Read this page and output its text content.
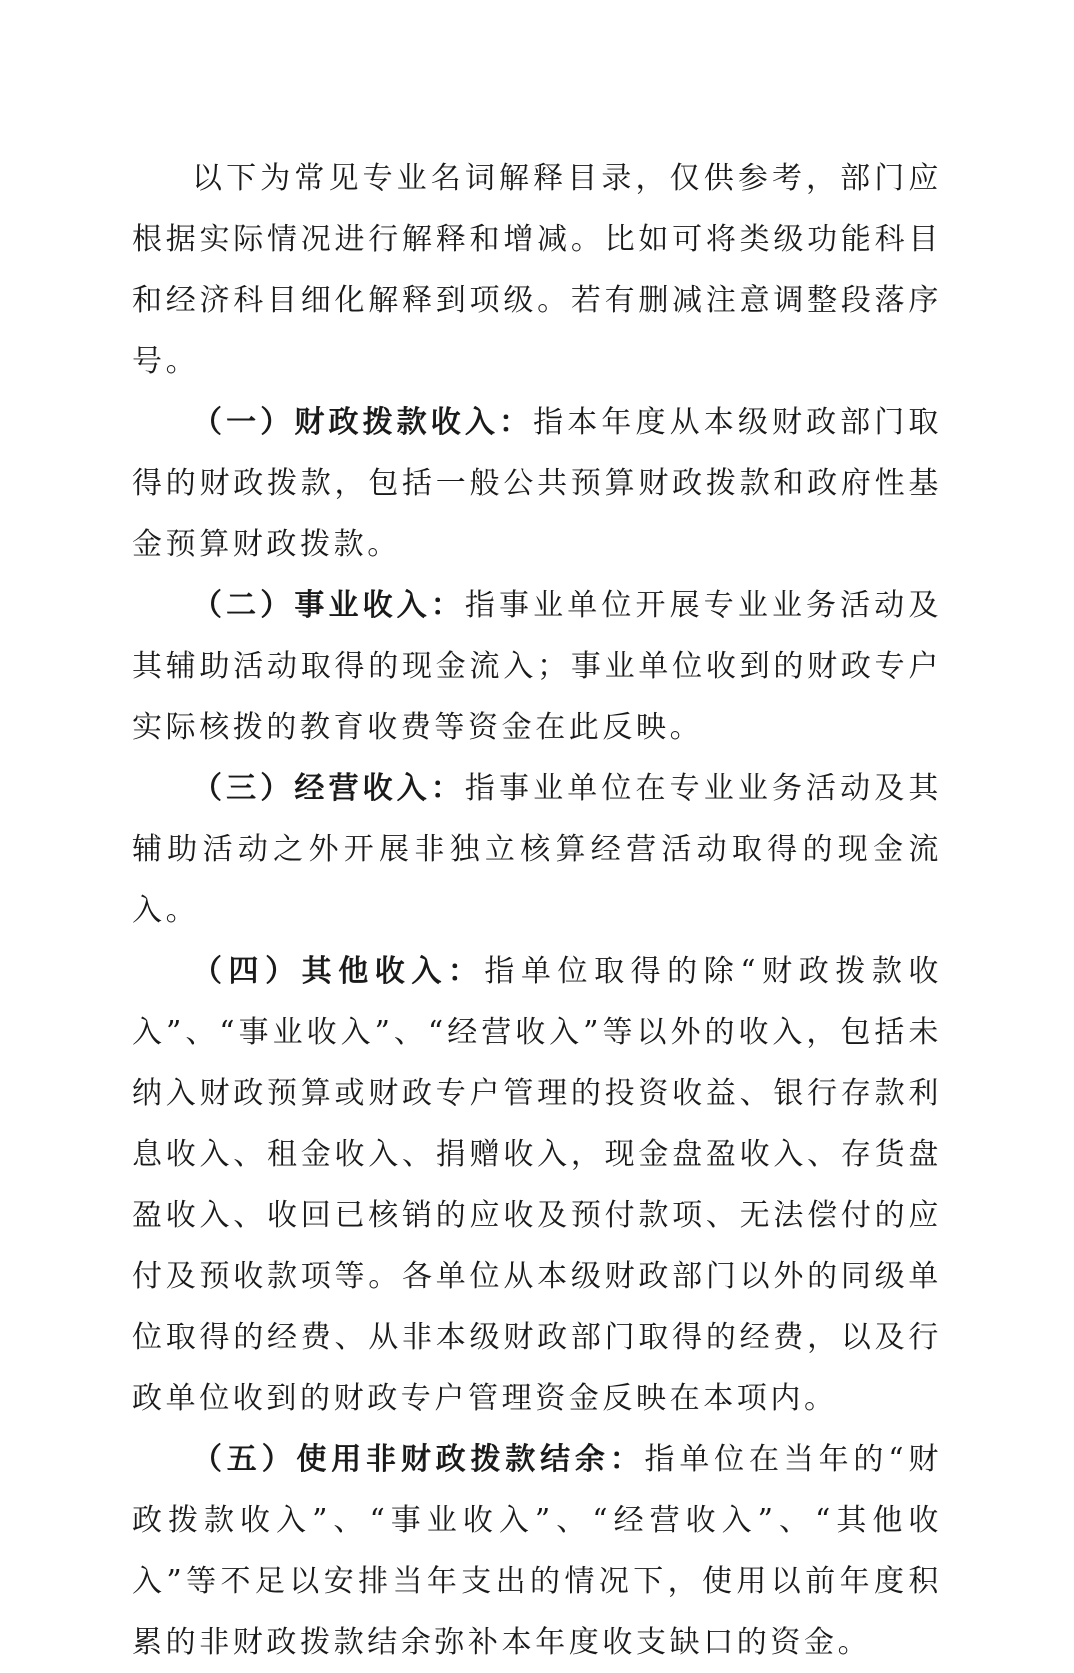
以下为常见专业名词解释目录，仅供参考，部门应根据实际情况进行解释和增减。比如可将类级功能科目和经济科目细化解释到项级。若有删减注意调整段落序号。

（一）财政拨款收入：指本年度从本级财政部门取得的财政拨款，包括一般公共预算财政拨款和政府性基金预算财政拨款。

（二）事业收入：指事业单位开展专业业务活动及其辅助活动取得的现金流入；事业单位收到的财政专户实际核拨的教育收费等资金在此反映。

（三）经营收入：指事业单位在专业业务活动及其辅助活动之外开展非独立核算经营活动取得的现金流入。

（四）其他收入：指单位取得的除“财政拨款收入”、“事业收入”、“经营收入”等以外的收入，包括未纳入财政预算或财政专户管理的投资收益、银行存款利息收入、租金收入、捐赠收入，现金盘盈收入、存货盘盈收入、收回已核销的应收及预付款项、无法偿付的应付及预收款项等。各单位从本级财政部门以外的同级单位取得的经费、从非本级财政部门取得的经费，以及行政单位收到的财政专户管理资金反映在本项内。

（五）使用非财政拨款结余：指单位在当年的“财政拨款收入”、“事业收入”、“经营收入”、“其他收入”等不足以安排当年支出的情况下，使用以前年度积累的非财政拨款结余弥补本年度收支缺口的资金。
